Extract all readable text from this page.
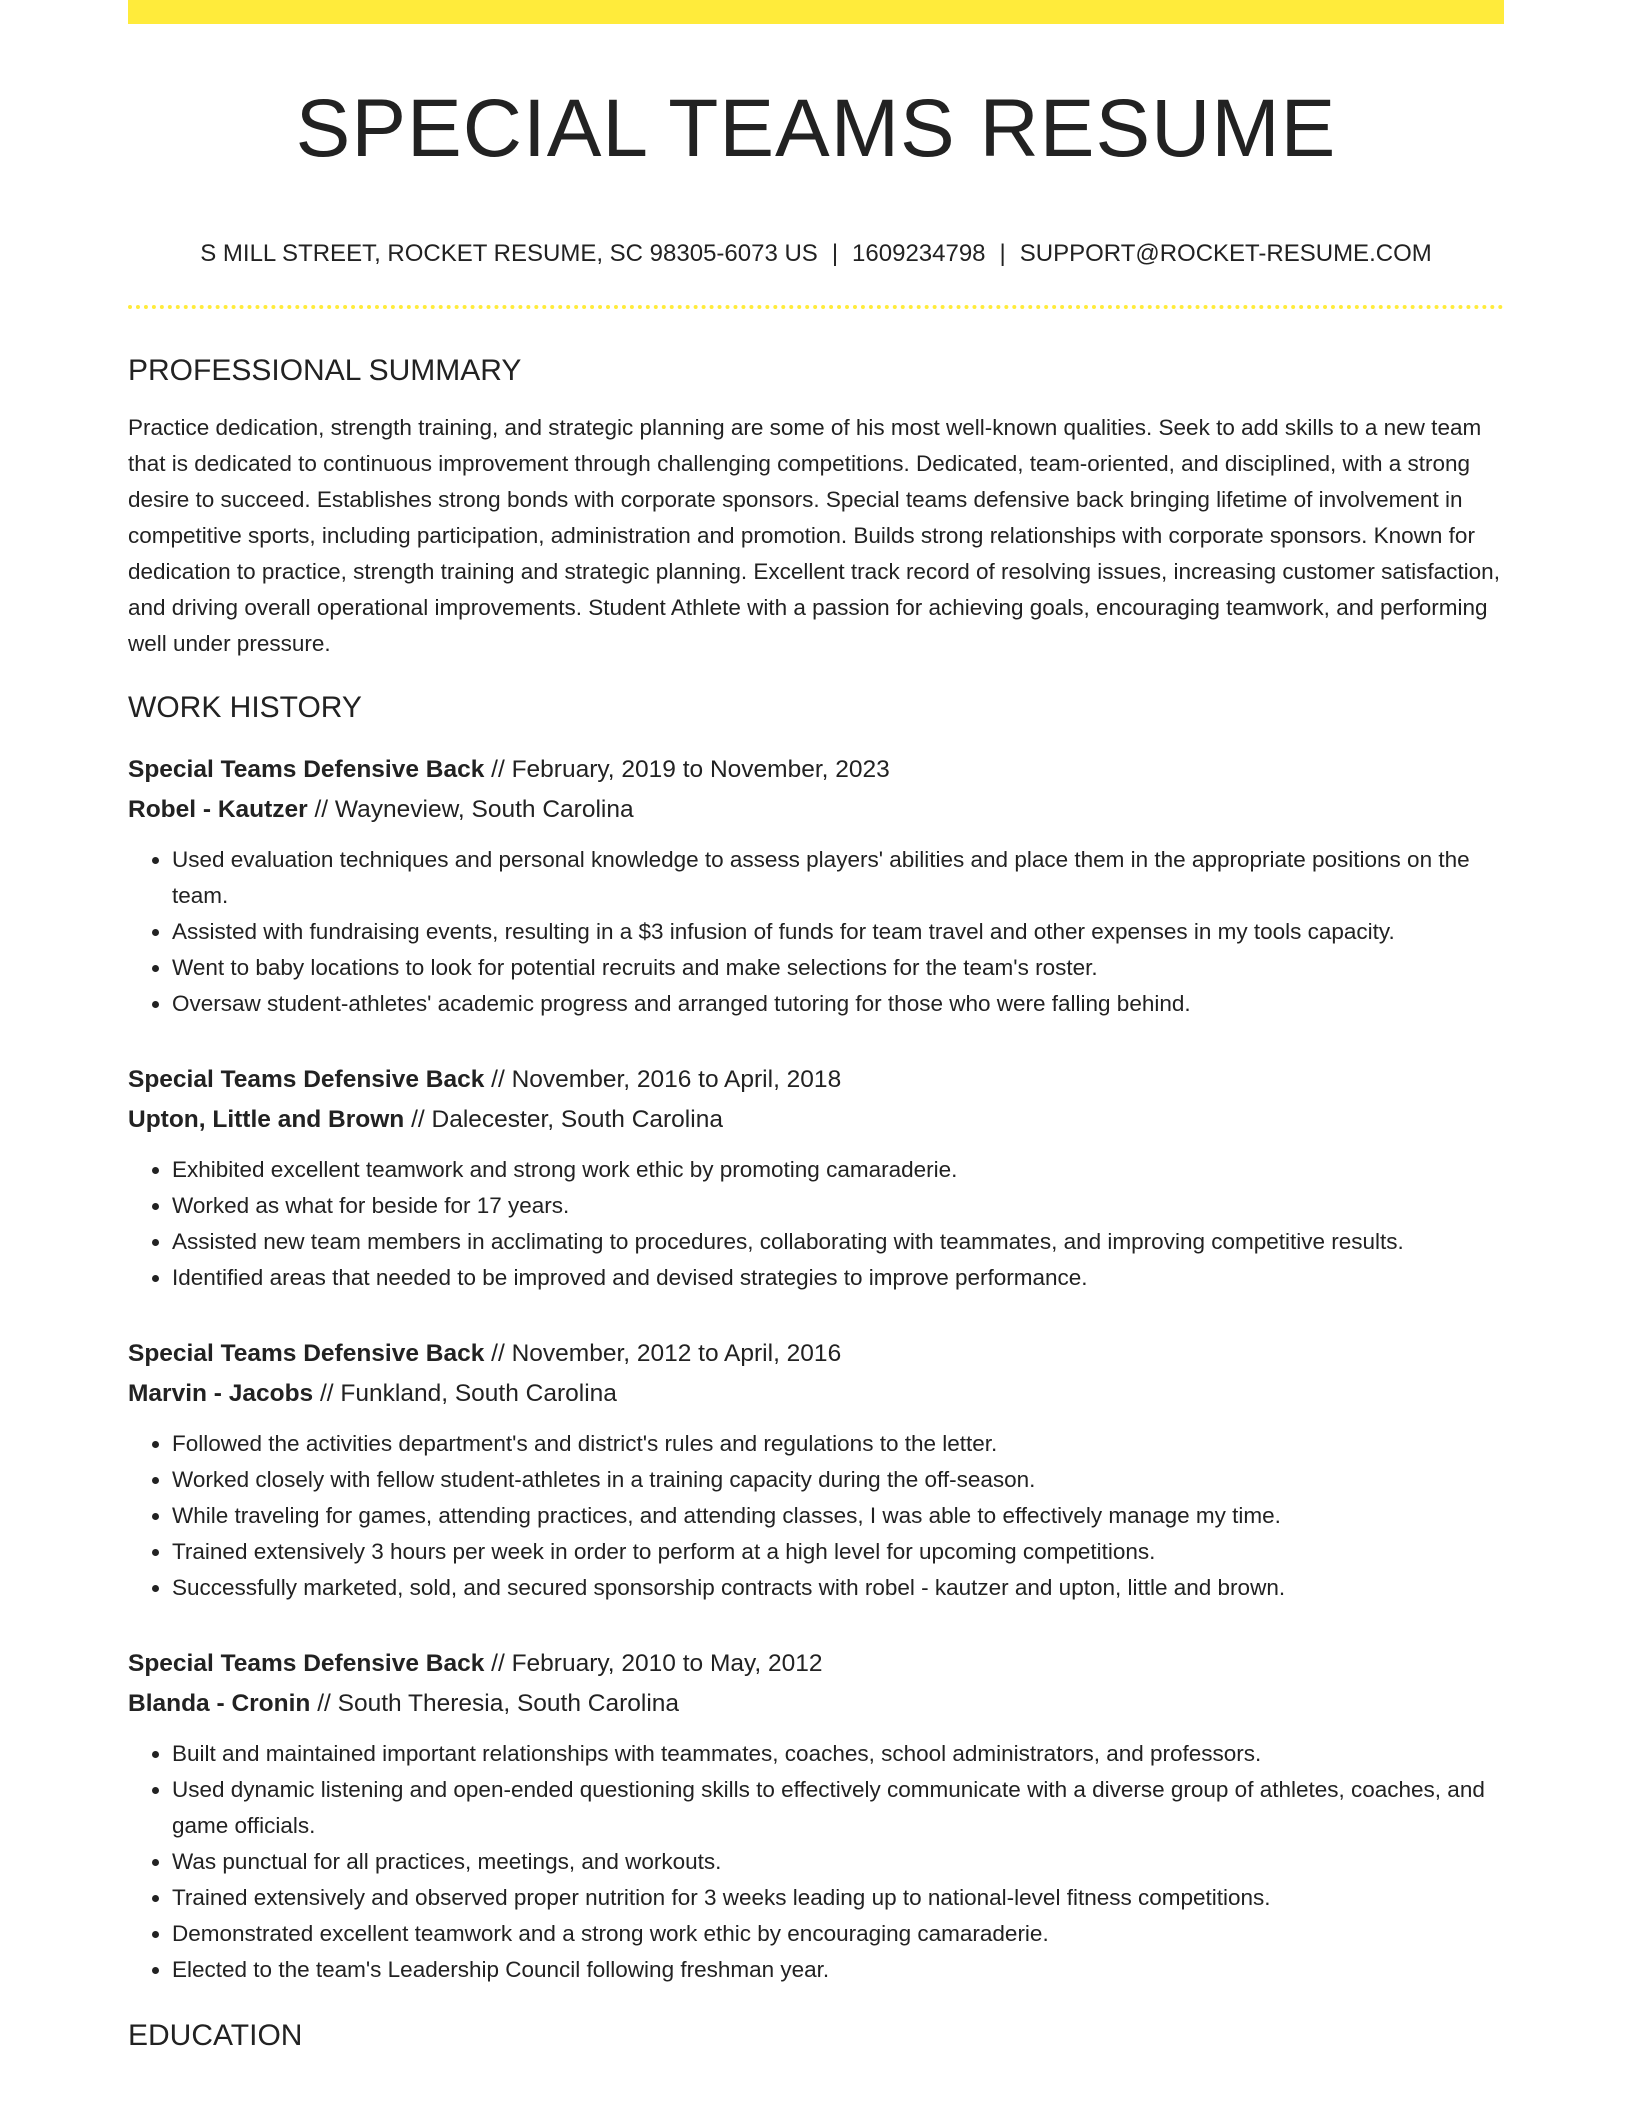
SPECIAL TEAMS RESUME
S MILL STREET, ROCKET RESUME, SC 98305-6073 US | 1609234798 | SUPPORT@ROCKET-RESUME.COM
PROFESSIONAL SUMMARY
Practice dedication, strength training, and strategic planning are some of his most well-known qualities. Seek to add skills to a new team that is dedicated to continuous improvement through challenging competitions. Dedicated, team-oriented, and disciplined, with a strong desire to succeed. Establishes strong bonds with corporate sponsors. Special teams defensive back bringing lifetime of involvement in competitive sports, including participation, administration and promotion. Builds strong relationships with corporate sponsors. Known for dedication to practice, strength training and strategic planning. Excellent track record of resolving issues, increasing customer satisfaction, and driving overall operational improvements. Student Athlete with a passion for achieving goals, encouraging teamwork, and performing well under pressure.
WORK HISTORY
Special Teams Defensive Back // February, 2019 to November, 2023
Robel - Kautzer // Wayneview, South Carolina
• Used evaluation techniques and personal knowledge to assess players' abilities and place them in the appropriate positions on the team.
• Assisted with fundraising events, resulting in a $3 infusion of funds for team travel and other expenses in my tools capacity.
• Went to baby locations to look for potential recruits and make selections for the team's roster.
• Oversaw student-athletes' academic progress and arranged tutoring for those who were falling behind.
Special Teams Defensive Back // November, 2016 to April, 2018
Upton, Little and Brown // Dalecester, South Carolina
• Exhibited excellent teamwork and strong work ethic by promoting camaraderie.
• Worked as what for beside for 17 years.
• Assisted new team members in acclimating to procedures, collaborating with teammates, and improving competitive results.
• Identified areas that needed to be improved and devised strategies to improve performance.
Special Teams Defensive Back // November, 2012 to April, 2016
Marvin - Jacobs // Funkland, South Carolina
• Followed the activities department's and district's rules and regulations to the letter.
• Worked closely with fellow student-athletes in a training capacity during the off-season.
• While traveling for games, attending practices, and attending classes, I was able to effectively manage my time.
• Trained extensively 3 hours per week in order to perform at a high level for upcoming competitions.
• Successfully marketed, sold, and secured sponsorship contracts with robel - kautzer and upton, little and brown.
Special Teams Defensive Back // February, 2010 to May, 2012
Blanda - Cronin // South Theresia, South Carolina
• Built and maintained important relationships with teammates, coaches, school administrators, and professors.
• Used dynamic listening and open-ended questioning skills to effectively communicate with a diverse group of athletes, coaches, and game officials.
• Was punctual for all practices, meetings, and workouts.
• Trained extensively and observed proper nutrition for 3 weeks leading up to national-level fitness competitions.
• Demonstrated excellent teamwork and a strong work ethic by encouraging camaraderie.
• Elected to the team's Leadership Council following freshman year.
EDUCATION
